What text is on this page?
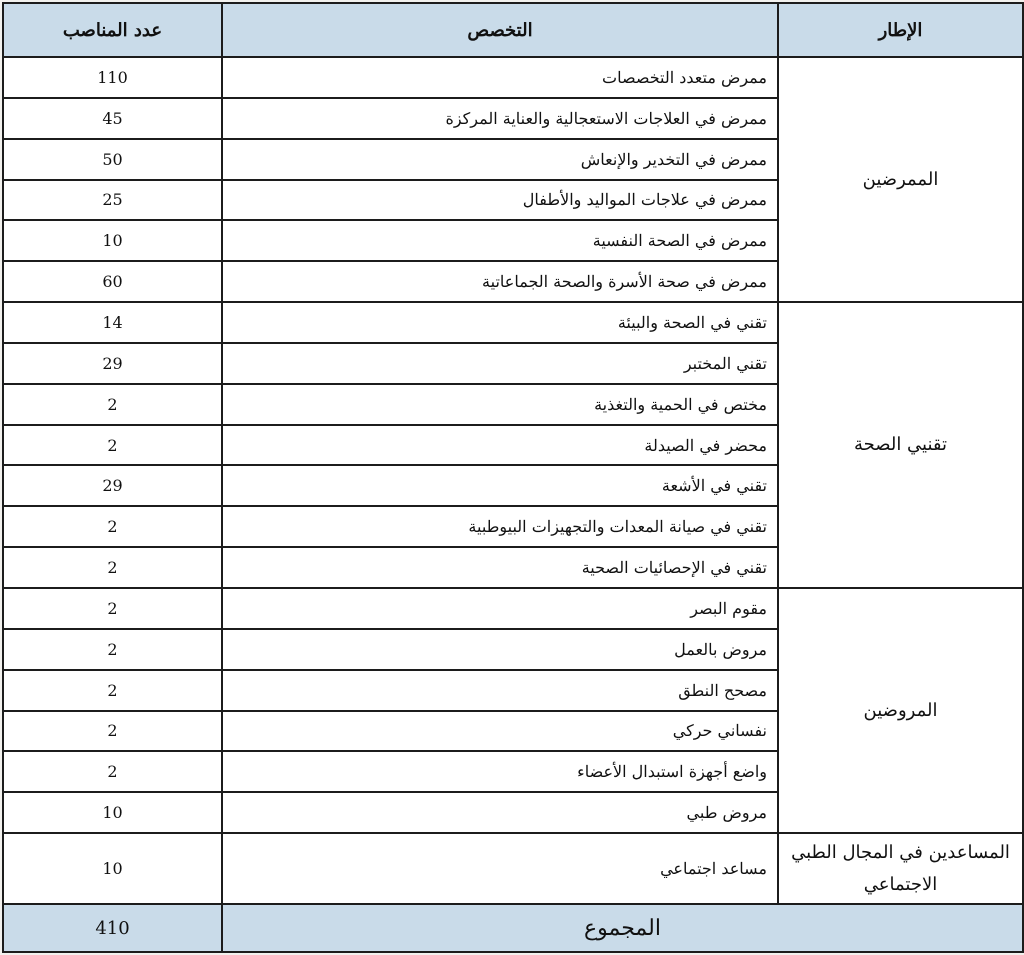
الإطار	التخصص	عدد المناصب
الممرضين	ممرض متعدد التخصصات	110
	ممرض في العلاجات الاستعجالية والعناية المركزة	45
	ممرض في التخدير والإنعاش	50
	ممرض في علاجات المواليد والأطفال	25
	ممرض في الصحة النفسية	10
	ممرض في صحة الأسرة والصحة الجماعاتية	60
تقنيي الصحة	تقني في الصحة والبيئة	14
	تقني المختبر	29
	مختص في الحمية والتغذية	2
	محضر في الصيدلة	2
	تقني في الأشعة	29
	تقني في صيانة المعدات والتجهيزات البيوطبية	2
	تقني في الإحصائيات الصحية	2
المروضين	مقوم البصر	2
	مروض بالعمل	2
	مصحح النطق	2
	نفساني حركي	2
	واضع أجهزة استبدال الأعضاء	2
	مروض طبي	10
المساعدين في المجال الطبي الاجتماعي	مساعد اجتماعي	10
المجموع		410
